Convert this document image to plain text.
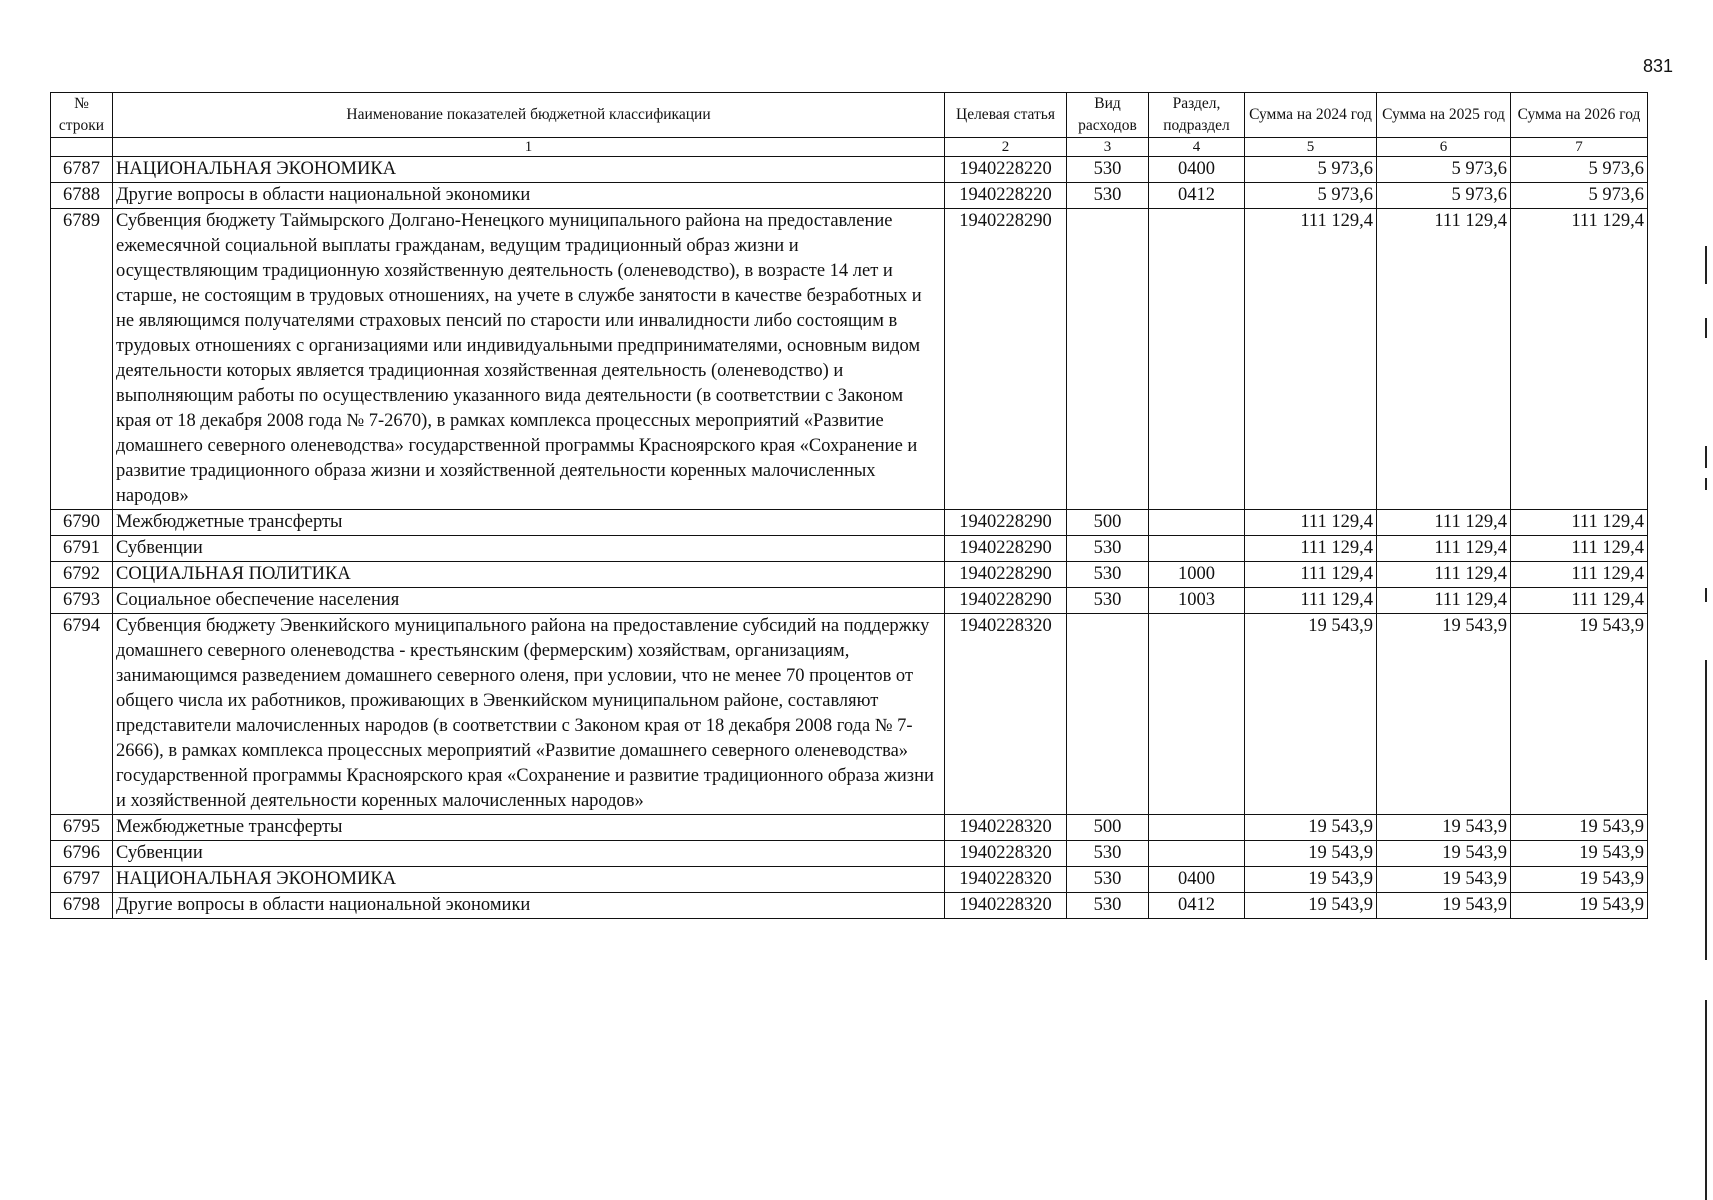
831
№ строки	Наименование показателей бюджетной классификации	Целевая статья	Вид расходов	Раздел, подраздел	Сумма на 2024 год	Сумма на 2025 год	Сумма на 2026 год
	1	2	3	4	5	6	7
6787	НАЦИОНАЛЬНАЯ ЭКОНОМИКА	1940228220	530	0400	5 973,6	5 973,6	5 973,6
6788	Другие вопросы в области национальной экономики	1940228220	530	0412	5 973,6	5 973,6	5 973,6
6789	Субвенция бюджету Таймырского Долгано-Ненецкого муниципального района на предоставление ежемесячной социальной выплаты гражданам, ведущим традиционный образ жизни и осуществляющим традиционную хозяйственную деятельность (оленеводство), в возрасте 14 лет и старше, не состоящим в трудовых отношениях, на учете в службе занятости в качестве безработных и не являющимся получателями страховых пенсий по старости или инвалидности либо состоящим в трудовых отношениях с организациями или индивидуальными предпринимателями, основным видом деятельности которых является традиционная хозяйственная деятельность (оленеводство) и выполняющим работы по осуществлению указанного вида деятельности (в соответствии с Законом края от 18 декабря 2008 года № 7-2670), в рамках комплекса процессных мероприятий «Развитие домашнего северного оленеводства» государственной программы Красноярского края «Сохранение и развитие традиционного образа жизни и хозяйственной деятельности коренных малочисленных народов»	1940228290			111 129,4	111 129,4	111 129,4
6790	Межбюджетные трансферты	1940228290	500		111 129,4	111 129,4	111 129,4
6791	Субвенции	1940228290	530		111 129,4	111 129,4	111 129,4
6792	СОЦИАЛЬНАЯ ПОЛИТИКА	1940228290	530	1000	111 129,4	111 129,4	111 129,4
6793	Социальное обеспечение населения	1940228290	530	1003	111 129,4	111 129,4	111 129,4
6794	Субвенция бюджету Эвенкийского муниципального района на предоставление субсидий на поддержку домашнего северного оленеводства - крестьянским (фермерским) хозяйствам, организациям, занимающимся разведением домашнего северного оленя, при условии, что не менее 70 процентов от общего числа их работников, проживающих в Эвенкийском муниципальном районе, составляют представители малочисленных народов (в соответствии с Законом края от 18 декабря 2008 года № 7-2666), в рамках комплекса процессных мероприятий «Развитие домашнего северного оленеводства» государственной программы Красноярского края «Сохранение и развитие традиционного образа жизни и хозяйственной деятельности коренных малочисленных народов»	1940228320			19 543,9	19 543,9	19 543,9
6795	Межбюджетные трансферты	1940228320	500		19 543,9	19 543,9	19 543,9
6796	Субвенции	1940228320	530		19 543,9	19 543,9	19 543,9
6797	НАЦИОНАЛЬНАЯ ЭКОНОМИКА	1940228320	530	0400	19 543,9	19 543,9	19 543,9
6798	Другие вопросы в области национальной экономики	1940228320	530	0412	19 543,9	19 543,9	19 543,9
